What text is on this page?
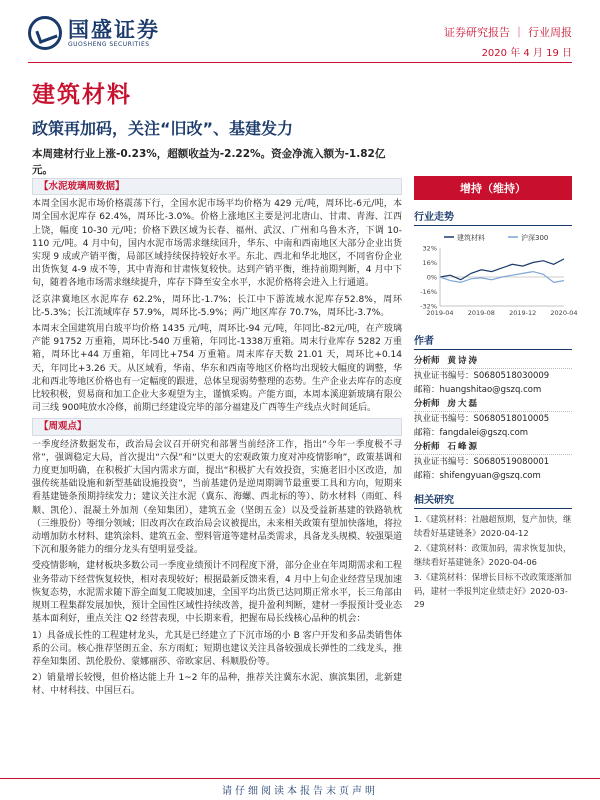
国盛证券
GUOSHENG SECURITIES
证券研究报告 ｜ 行业周报
2020 年 4 月 19 日
建筑材料
政策再加码，关注“旧改”、基建发力
本周建材行业上涨-0.23%，超额收益为-2.22%。资金净流入额为-1.82亿元。
【水泥玻璃周数据】
本周全国水泥市场价格震荡下行，全国水泥市场平均价格为 429 元/吨，周环比-6元/吨，本周全国水泥库存 62.4%，周环比-3.0%。价格上涨地区主要是河北唐山、甘肃、青海、江西上饶，幅度 10-30 元/吨；价格下跌区域为长春、福州、武汉、广州和乌鲁木齐，下调 10-110 元/吨。4 月中旬，国内水泥市场需求继续回升，华东、中南和西南地区大部分企业出货实现 9 成或产销平衡，局部区域持续保持较好水平。东北、西北和华北地区，不同省份企业出货恢复 4-9 成不等，其中青海和甘肃恢复较快。达到产销平衡，维持前期判断，4 月中下旬，随着各地市场需求继续提升，库存下降至安全水平，水泥价格将会进入上行通道。
泛京津冀地区水泥库存 62.2%，周环比-1.7%；长江中下游流域水泥库存52.8%，周环比-5.3%；长江流域库存 57.9%，周环比-5.9%；两广地区库存 70.7%，周环比-3.7%。
本周末全国建筑用白玻平均价格 1435 元/吨，周环比-94 元/吨，年同比-82元/吨，在产玻璃产能 91752 万重箱，周环比-540 万重箱，年同比-1338万重箱。周末行业库存 5282 万重箱，周环比+44 万重箱，年同比+754 万重箱。周末库存天数 21.01 天，周环比+0.14 天，年同比+3.26 天。从区域看，华南、华东和西南等地区价格均出现较大幅度的调整，华北和西北等地区价格也有一定幅度的跟进，总体呈现弱势整理的态势。生产企业去库存的态度比较积极，贸易商和加工企业大多观望为主，谨慎采购。产能方面，本周本溪迎新玻璃有限公司三线 900吨放水冷修，前期已经建设完毕的部分福建及广西等生产线点火时间延后。
【周观点】
一季度经济数据发布，政治局会议召开研究和部署当前经济工作，指出“今年一季度极不寻常”，强调稳定大局，首次提出“六保”和“以更大的宏观政策力度对冲疫情影响”，政策基调和力度更加明确，在积极扩大国内需求方面，提出“积极扩大有效投资，实施老旧小区改造，加强传统基础设施和新型基础设施投资”，当前基建仍是逆周期调节最重要工具和方向，短期来看基建链条预期持续发力；建议关注水泥（冀东、海螺、西北标的等）、防水材料（雨虹、科顺、凯伦）、混凝土外加剂（垒知集团），建筑五金（坚朗五金）以及受益新基建的铁路轨枕（三维股份）等细分领域；旧改再次在政治局会议被提出，未来相关政策有望加快落地，将拉动增加防水材料、建筑涂料、建筑五金、塑料管道等建材品类需求，具备龙头规模、较强渠道下沉和服务能力的细分龙头有望明显受益。
受疫情影响，建材板块多数公司一季度业绩预计不同程度下滑，部分企业在年周期需求和工程业务带动下经营恢复较快，相对表现较好；根据最新反馈来看，4 月中上旬企业经营呈现加速恢复态势，水泥需求随下游全面复工爬坡加速，全国平均出货已达同期正常水平，长三角部由规则工程集群发展加快，预计全国性区域性持续改善，提升盈利判断，建材一季报预计受业态基本面利好，重点关注 Q2 经营表现，中长期来看，把握布局长线核心品种的机会：
1）具备成长性的工程建材龙头，尤其是已经建立了下沉市场的小 B 客户开发和多品类销售体系的公司。核心推荐坚朗五金、东方雨虹；短期也建议关注具备较强成长弹性的二线龙头，推荐垒知集团、凯伦股份、蒙娜丽莎、帝欧家居、科顺股份等。
2）销量增长较慢，但价格达能上升 1~2 年的品种，推荐关注冀东水泥、旗滨集团，北新建材、中材科技、中国巨石。
增持（维持）
行业走势
建筑材料	沪深300
32%
16%
0%
-16%
-32%
2019-04 2019-08 2019-12 2020-04
作者
分析师 黄诗涛
执业证书编号：S0680518030009
邮箱：huangshitao@gszq.com
分析师 房大磊
执业证书编号：S0680518010005
邮箱：fangdalei@gszq.com
分析师 石峰源
执业证书编号：S0680519080001
邮箱：shifengyuan@gszq.com
相关研究
1.《建筑材料：社融超预期，复产加快，继续看好基建链条》2020-04-12
2.《建筑材料：政策加码，需求恢复加快，继续看好基建链条》2020-04-06
3.《建筑材料：保增长目标不改政策逐渐加码，建材一季报判定业绩走好》2020-03-29
请仔细阅读本报告末页声明
